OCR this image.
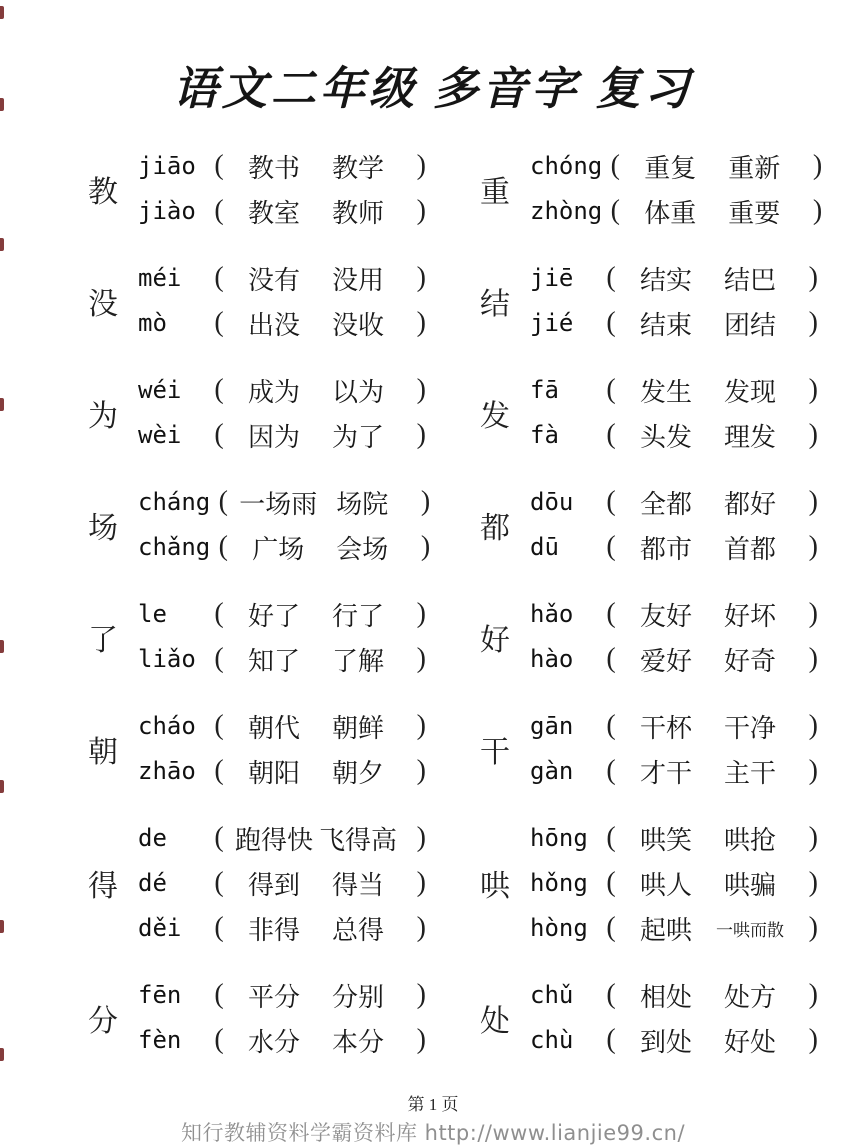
语文二年级 多音字 复习
教
jiāo ( 教书	教学	)
jiào ( 教室	教师	)
没
méi	( 没有	没用	)
mò	( 出没	没收	)
为
wéi	( 成为	以为	)
wèi	( 因为	为了	)
场
cháng ( 一场雨 场院	)
chǎng ( 广场	会场	)
了
le	( 好了	行了	)
liǎo ( 知了	了解	)
朝
cháo ( 朝代	朝鲜	)
zhāo ( 朝阳	朝夕	)
得
de	( 跑得快 飞得高 )
dé	( 得到	得当	)
děi	( 非得	总得	)
分
fēn	( 平分	分别	)
fèn	( 水分	本分	)
重
chóng ( 重复	重新	)
zhòng ( 体重	重要	)
结
jiē	( 结实	结巴	)
jié	( 结束	团结	)
发
fā	( 发生	发现	)
fà	( 头发	理发	)
都
dōu	( 全都	都好	)
dū	( 都市	首都	)
好
hǎo	( 友好	好坏	)
hào	( 爱好	好奇	)
干
gān	( 干杯	干净	)
gàn	( 才干	主干	)
哄
hōng ( 哄笑	哄抢	)
hǒng ( 哄人	哄骗	)
hòng ( 起哄	一哄而散 )
处
chǔ	( 相处	处方	)
chù	( 到处	好处	)
第 1 页
知行教辅资料学霸资料库 http://www.lianjie99.cn/
